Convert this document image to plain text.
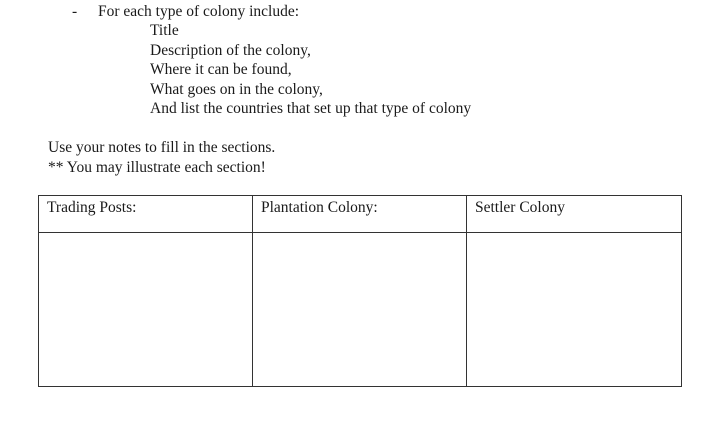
- For each type of colony include:
Title
Description of the colony,
Where it can be found,
What goes on in the colony,
And list the countries that set up that type of colony
Use your notes to fill in the sections.
** You may illustrate each section!
Trading Posts:	Plantation Colony:	Settler Colony
